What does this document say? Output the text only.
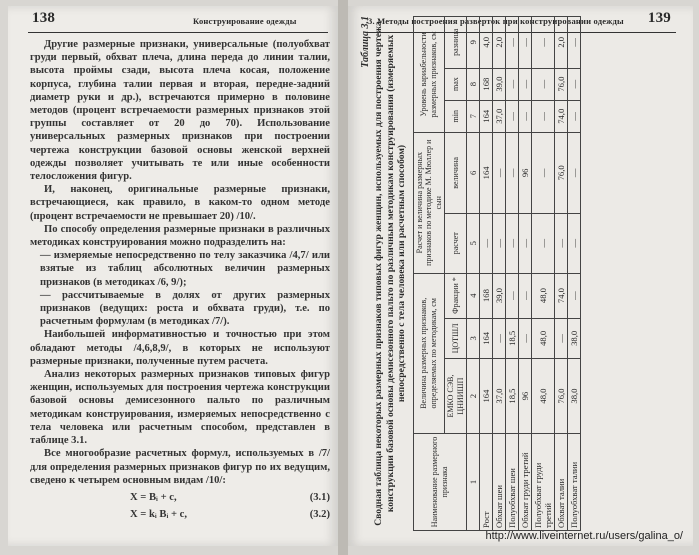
138	Конструирование одежды

Другие размерные признаки, универсальные (полуобхват груди первый, обхват плеча, длина переда до линии талии, высота проймы сзади, высота плеча косая, положение корпуса, глубина талии первая и вторая, передне-задний диаметр руки и др.), встречаются примерно в половине методов (процент встречаемости размерных признаков этой группы составляет от 20 до 70). Использование универсальных размерных признаков при построении чертежа конструкции базовой основы женской верхней одежды позволяет учитывать те или иные особенности телосложения фигур.

И, наконец, оригинальные размерные признаки, встречающиеся, как правило, в каком-то одном методе (процент встречаемости не превышает 20) /10/.

По способу определения размерные признаки в различных методиках конструирования можно подразделить на:

— измеряемые непосредственно по телу заказчика /4,7/ или взятые из таблиц абсолютных величин размерных признаков (в методиках /6, 9/);

— рассчитываемые в долях от других размерных признаков (ведущих: роста и обхвата груди), т.е. по расчетным формулам (в методиках /7/).

Наибольшей информативностью и точностью при этом обладают методы /4,6,8,9/, в которых не используют размерные признаки, полученные путем расчета.

Анализ некоторых размерных признаков типовых фигур женщин, используемых для построения чертежа конструкции базовой основы демисезонного пальто по различным методикам конструирования, измеряемых непосредственно с тела человека или расчетным способом, представлен в таблице 3.1.

Все многообразие расчетных формул, используемых в /7/ для определения размерных признаков фигур по их ведущим, сведено к четырем основным видам /10/:

X = Bᵢ + c,	(3.1)
X = kᵢ Bᵢ + c,	(3.2)
3. Методы построения разверток при конструировании одежды 139
Таблица 3.1 Сводная таблица некоторых размерных признаков типовых фигур женщин, используемых для построения чертежа конструкции базовой основы демисезонного пальто по различным методикам конструирования (измеряемых непосредственно с тела человека или расчетным способом)
Наименование размерного признака	Величина размерных признаков, определяемых по методикам, см			Расчет и величина размерных признаков по методике М. Мюллер и сын		Уровень вариабельности размерных признаков, см		
	ЕМКО СЭВ, ЦНИИШП	ЦОТШЛ	Фракции *	расчет	величина	min	max	разница
1	2	3	4	5	6	7	8	9
Рост	164	164	168	—	164	164	168	4,0
Обхват шеи	37,0	—	39,0	—	—	37,0	39,0	2,0
Полуобхват шеи	18,5	18,5	—	—	—	—	—	—
Обхват груди третий	96	—	—	—	96	—	—	—
Полуобхват груди третий	48,0	48,0	48,0	—	—	—	—	—
Обхват талии	76,0	—	74,0	—	76,0	74,0	76,0	2,0
Полуобхват талии	38,0	38,0	—	—	—	—	—	—
http://www.liveinternet.ru/users/galina_o/
